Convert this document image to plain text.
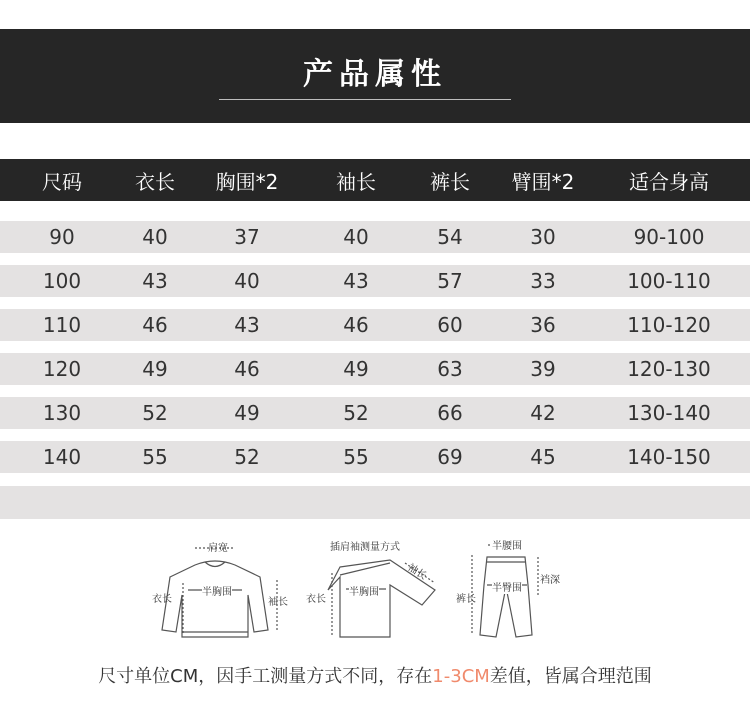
产品属性
尺码	衣长	胸围*2	袖长	裤长	臂围*2	适合身高
90	40	37	40	54	30	90-100
100	43	40	43	57	33	100-110
110	46	43	46	60	36	110-120
120	49	46	49	63	39	120-130
130	52	49	52	66	42	130-140
140	55	52	55	69	45	140-150
肩宽
衣长
半胸围
袖长
插肩袖测量方式
衣长
半胸围
袖长
半腰围
裤长
半臀围
裆深
尺寸单位CM，因手工测量方式不同，存在1-3CM差值，皆属合理范围
